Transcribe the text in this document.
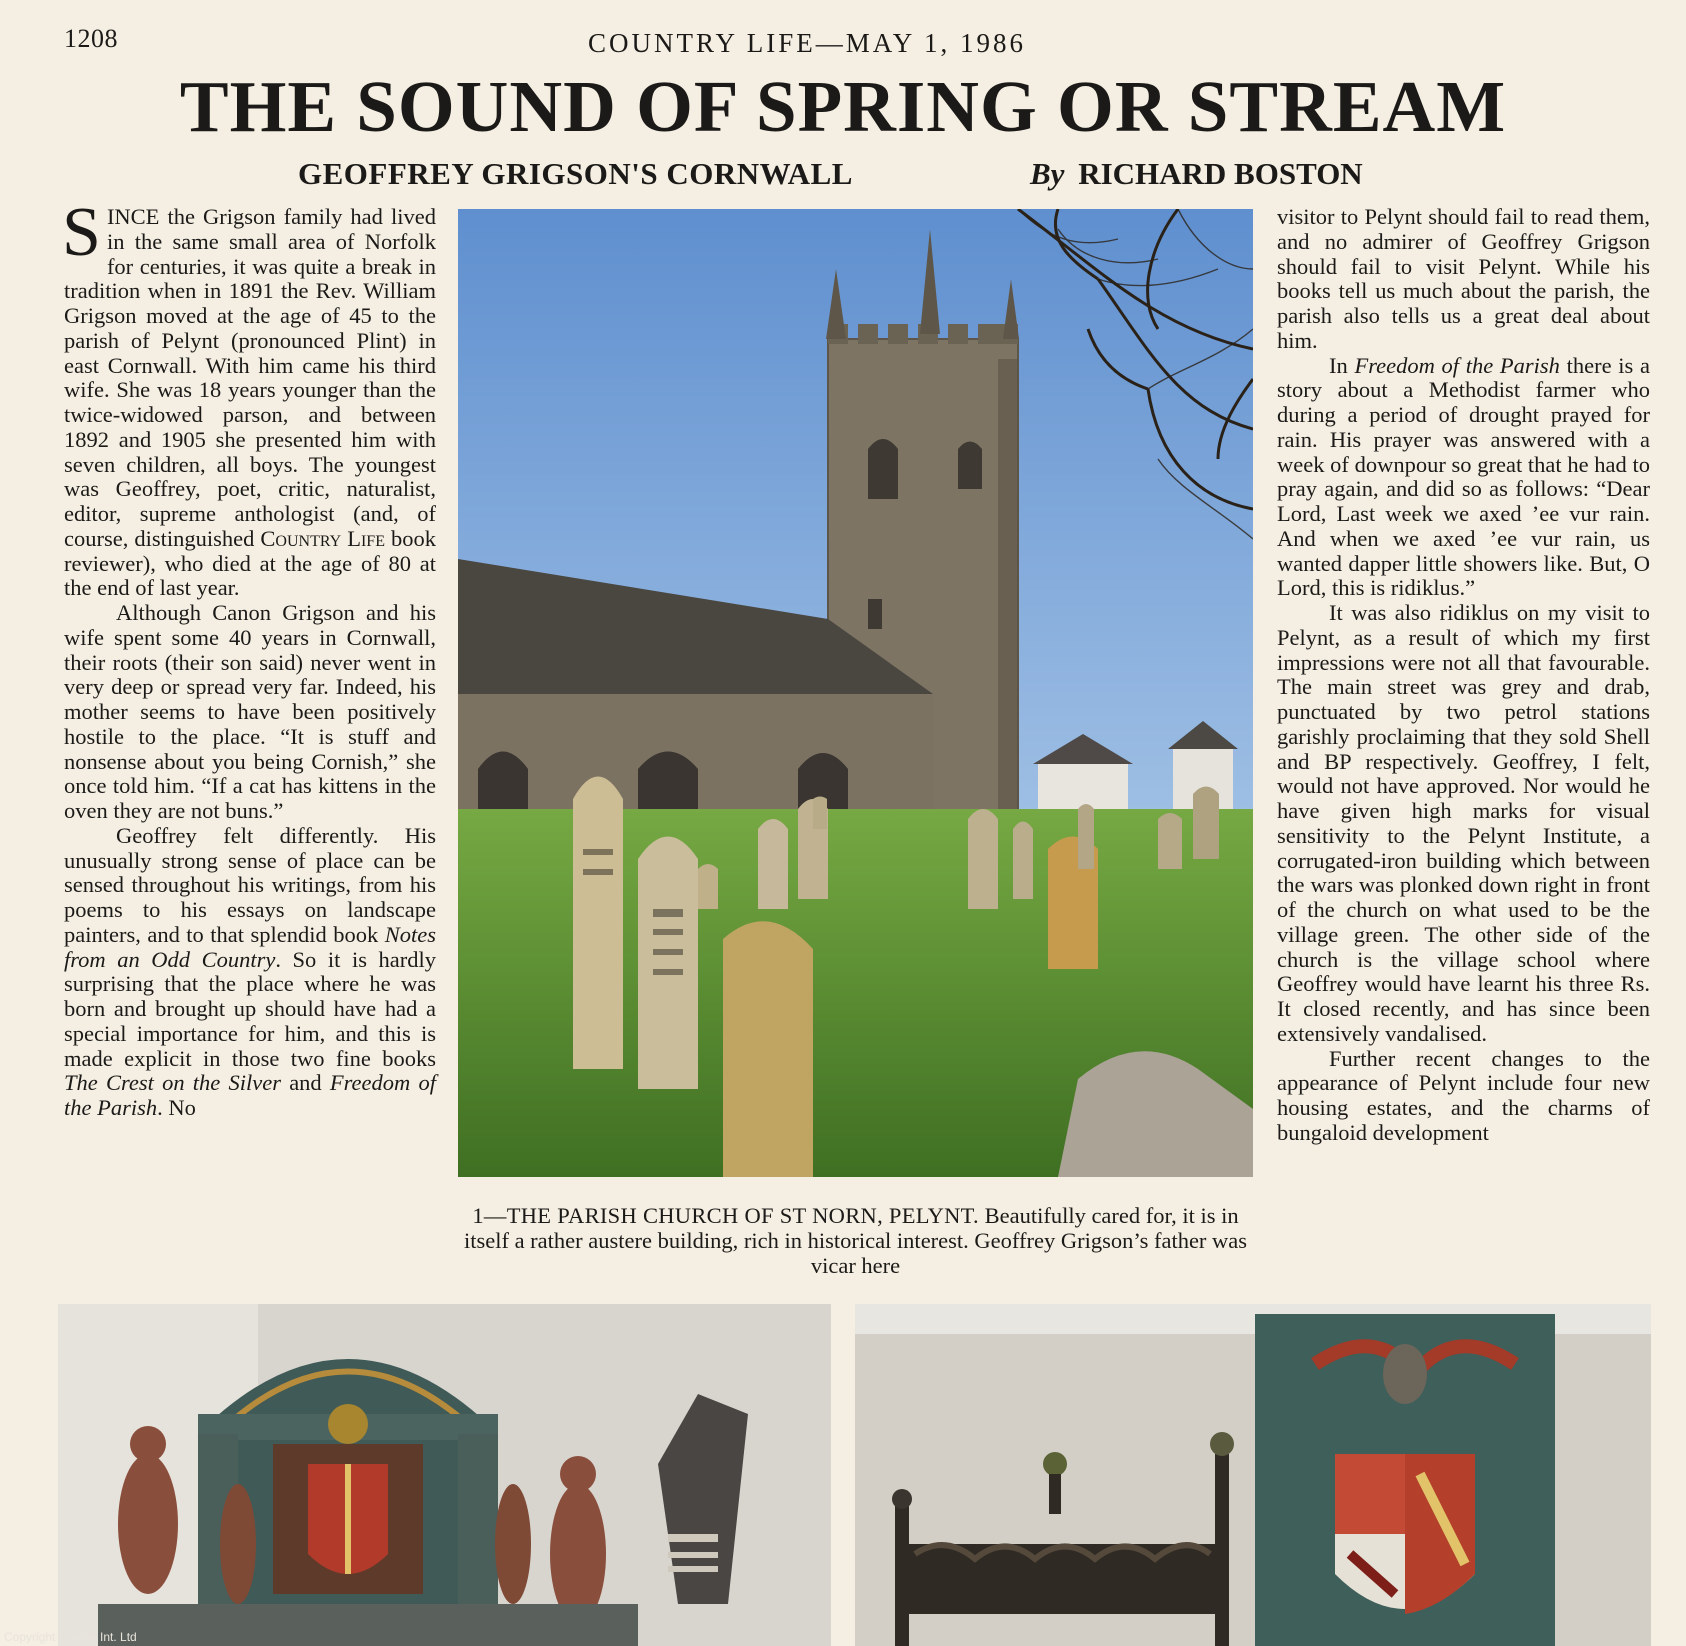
1208	COUNTRY LIFE—MAY 1, 1986
THE SOUND OF SPRING OR STREAM
GEOFFREY GRIGSON'S CORNWALL	By RICHARD BOSTON

SINCE the Grigson family had lived in the same small area of Norfolk for centuries, it was quite a break in tradition when in 1891 the Rev. William Grigson moved at the age of 45 to the parish of Pelynt (pronounced Plint) in east Cornwall. With him came his third wife. She was 18 years younger than the twice-widowed parson, and between 1892 and 1905 she presented him with seven children, all boys. The youngest was Geoffrey, poet, critic, naturalist, editor, supreme anthologist (and, of course, distinguished Country Life book reviewer), who died at the age of 80 at the end of last year.

Although Canon Grigson and his wife spent some 40 years in Cornwall, their roots (their son said) never went in very deep or spread very far. Indeed, his mother seems to have been positively hostile to the place. “It is stuff and nonsense about you being Cornish,” she once told him. “If a cat has kittens in the oven they are not buns.”

Geoffrey felt differently. His unusually strong sense of place can be sensed throughout his writings, from his poems to his essays on landscape painters, and to that splendid book Notes from an Odd Country. So it is hardly surprising that the place where he was born and brought up should have had a special importance for him, and this is made explicit in those two fine books The Crest on the Silver and Freedom of the Parish. No

1—THE PARISH CHURCH OF ST NORN, PELYNT. Beautifully cared for, it is in itself a rather austere building, rich in historical interest. Geoffrey Grigson’s father was vicar here

visitor to Pelynt should fail to read them, and no admirer of Geoffrey Grigson should fail to visit Pelynt. While his books tell us much about the parish, the parish also tells us a great deal about him.

In Freedom of the Parish there is a story about a Methodist farmer who during a period of drought prayed for rain. His prayer was answered with a week of downpour so great that he had to pray again, and did so as follows: “Dear Lord, Last week we axed ’ee vur rain. And when we axed ’ee vur rain, us wanted dapper little showers like. But, O Lord, this is ridiklus.”

It was also ridiklus on my visit to Pelynt, as a result of which my first impressions were not all that favourable. The main street was grey and drab, punctuated by two petrol stations garishly proclaiming that they sold Shell and BP respectively. Geoffrey, I felt, would not have approved. Nor would he have given high marks for visual sensitivity to the Pelynt Institute, a corrugated-iron building which between the wars was plonked down right in front of the church on what used to be the village green. The other side of the church is the village school where Geoffrey would have learnt his three Rs. It closed recently, and has since been extensively vandalised.

Further recent changes to the appearance of Pelynt include four new housing estates, and the charms of bungaloid development

Copyright Cosmo Int. Ltd
